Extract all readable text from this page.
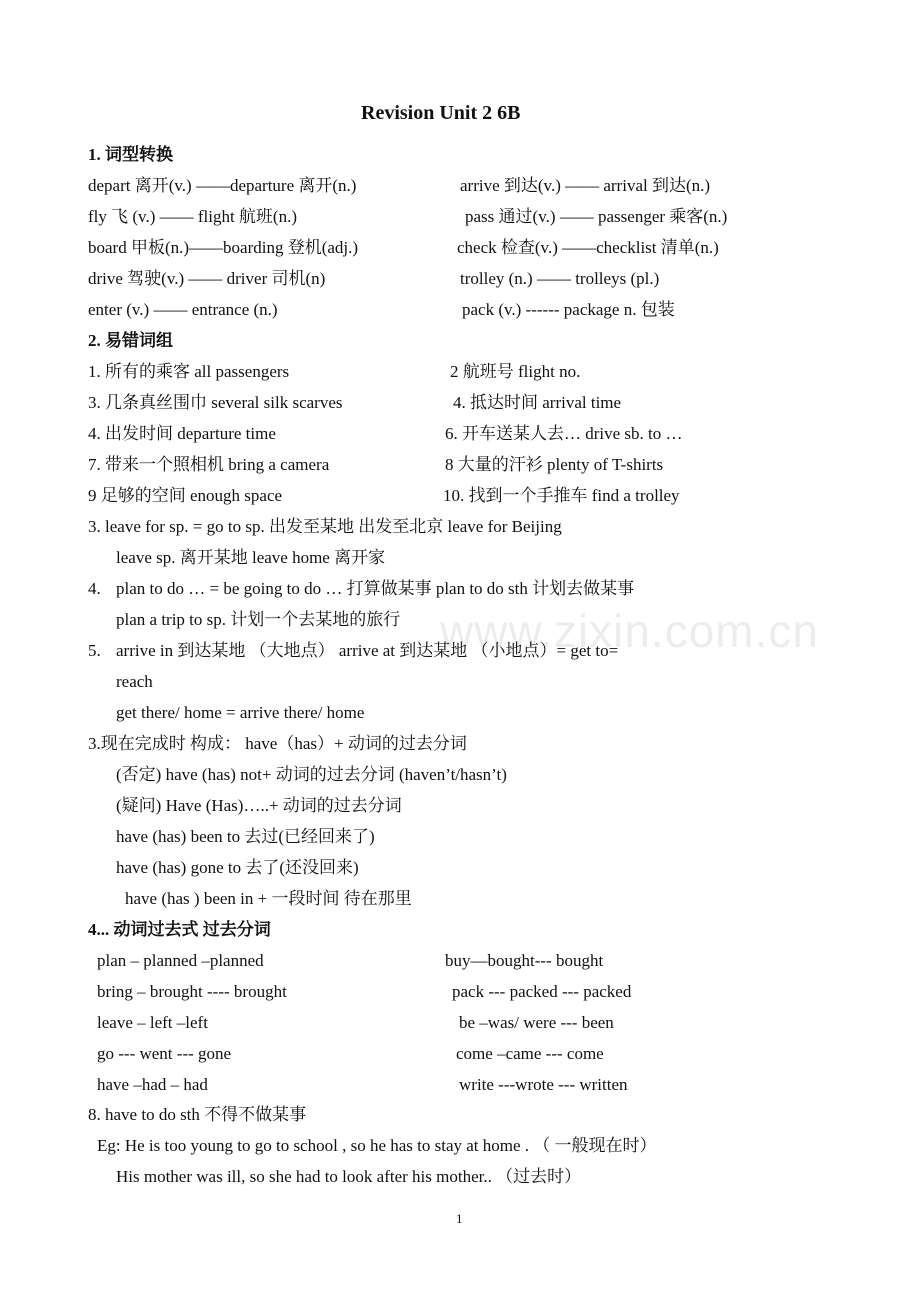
www.zixin.com.cn
Revision Unit 2 6B
1. 词型转换
depart 离开(v.) ——departure 离开(n.)	arrive 到达(v.) —— arrival 到达(n.)
fly 飞 (v.) —— flight 航班(n.)	pass 通过(v.) —— passenger 乘客(n.)
board 甲板(n.)——boarding 登机(adj.)	check 检查(v.) ——checklist 清单(n.)
drive 驾驶(v.) —— driver 司机(n)	trolley (n.) —— trolleys (pl.)
enter (v.) —— entrance (n.)	pack (v.) ------ package n. 包装
2. 易错词组
1. 所有的乘客 all passengers	2 航班号 flight no.
3. 几条真丝围巾 several silk scarves	4. 抵达时间 arrival time
4. 出发时间 departure time	6. 开车送某人去… drive sb. to …
7. 带来一个照相机 bring a camera	8 大量的汗衫 plenty of T-shirts
9 足够的空间 enough space	10. 找到一个手推车 find a trolley
3. leave for sp. = go to sp. 出发至某地 出发至北京 leave for Beijing
leave sp. 离开某地 leave home 离开家
4. plan to do … = be going to do … 打算做某事 plan to do sth 计划去做某事
plan a trip to sp. 计划一个去某地的旅行
5. arrive in 到达某地 （大地点） arrive at 到达某地 （小地点）= get to=
reach
get there/ home = arrive there/ home
3.现在完成时 构成： have（has）+ 动词的过去分词
(否定) have (has) not+ 动词的过去分词 (haven’t/hasn’t)
(疑问) Have (Has)…..+ 动词的过去分词
have (has) been to 去过(已经回来了)
have (has) gone to 去了(还没回来)
have (has ) been in + 一段时间 待在那里
4... 动词过去式 过去分词
plan – planned –planned	buy—bought--- bought
bring – brought ---- brought	pack --- packed --- packed
leave – left –left	be –was/ were --- been
go --- went --- gone	come –came --- come
have –had – had	write ---wrote --- written
8. have to do sth 不得不做某事
Eg: He is too young to go to school , so he has to stay at home . （ 一般现在时）
His mother was ill, so she had to look after his mother.. （过去时）
1
